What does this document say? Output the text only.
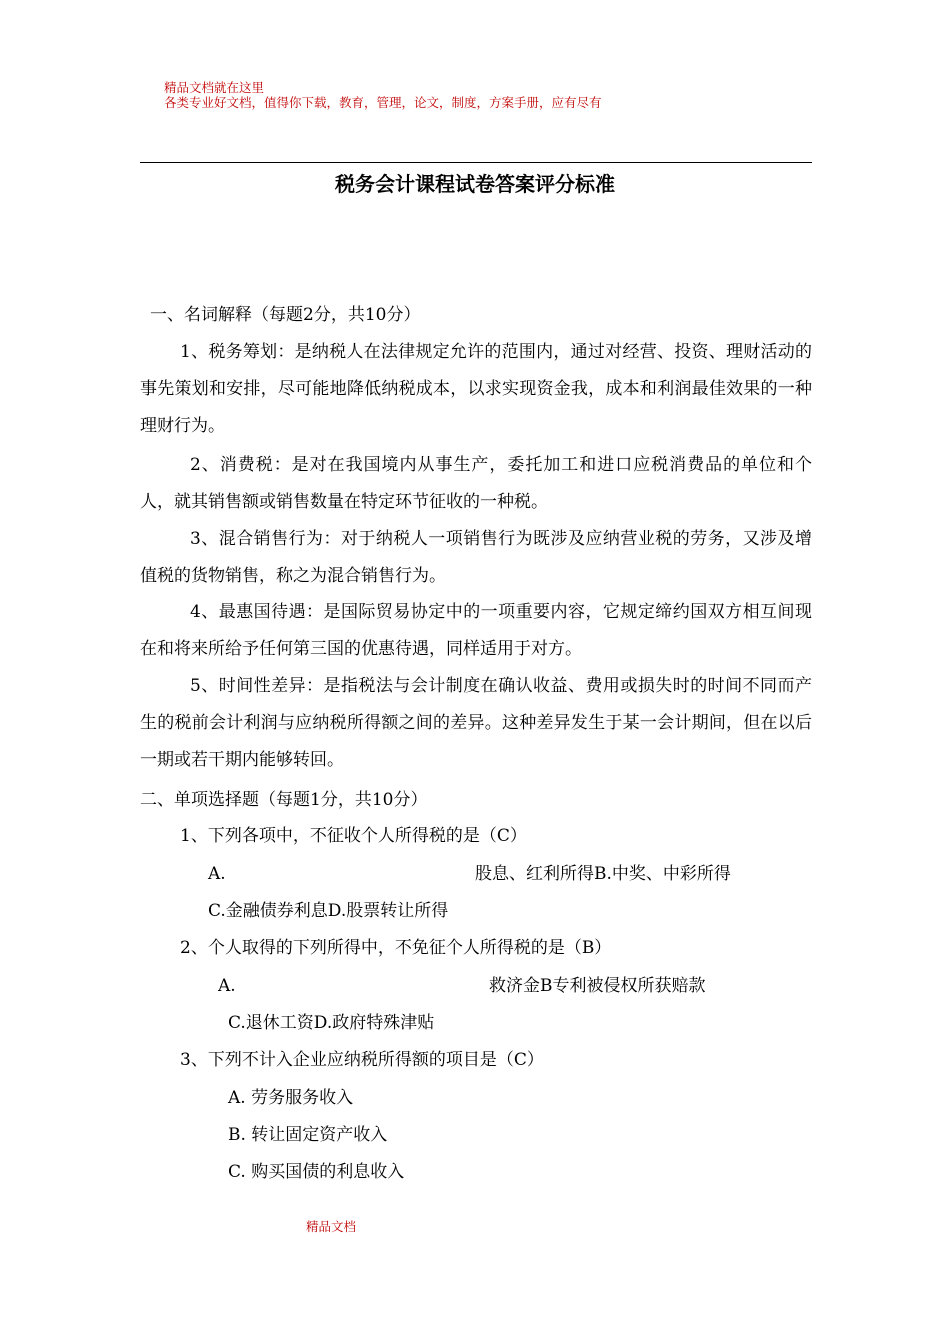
精品文档就在这里
各类专业好文档，值得你下载，教育，管理，论文，制度，方案手册，应有尽有
税务会计课程试卷答案评分标准
一、名词解释（每题2分，共10分）
1、税务筹划：是纳税人在法律规定允许的范围内，通过对经营、投资、理财活动的事先策划和安排，尽可能地降低纳税成本，以求实现资金我，成本和利润最佳效果的一种理财行为。
2、消费税：是对在我国境内从事生产，委托加工和进口应税消费品的单位和个人，就其销售额或销售数量在特定环节征收的一种税。
3、混合销售行为：对于纳税人一项销售行为既涉及应纳营业税的劳务，又涉及增值税的货物销售，称之为混合销售行为。
4、最惠国待遇：是国际贸易协定中的一项重要内容，它规定缔约国双方相互间现在和将来所给予任何第三国的优惠待遇，同样适用于对方。
5、时间性差异：是指税法与会计制度在确认收益、费用或损失时的时间不同而产生的税前会计利润与应纳税所得额之间的差异。这种差异发生于某一会计期间，但在以后一期或若干期内能够转回。
二、单项选择题（每题1分，共10分）
1、下列各项中，不征收个人所得税的是（C）
A.	股息、红利所得B.中奖、中彩所得
C.金融债券利息D.股票转让所得
2、个人取得的下列所得中，不免征个人所得税的是（B）
A.	救济金B专利被侵权所获赔款
C.退休工资D.政府特殊津贴
3、下列不计入企业应纳税所得额的项目是（C）
A. 劳务服务收入
B. 转让固定资产收入
C. 购买国债的利息收入
精品文档
